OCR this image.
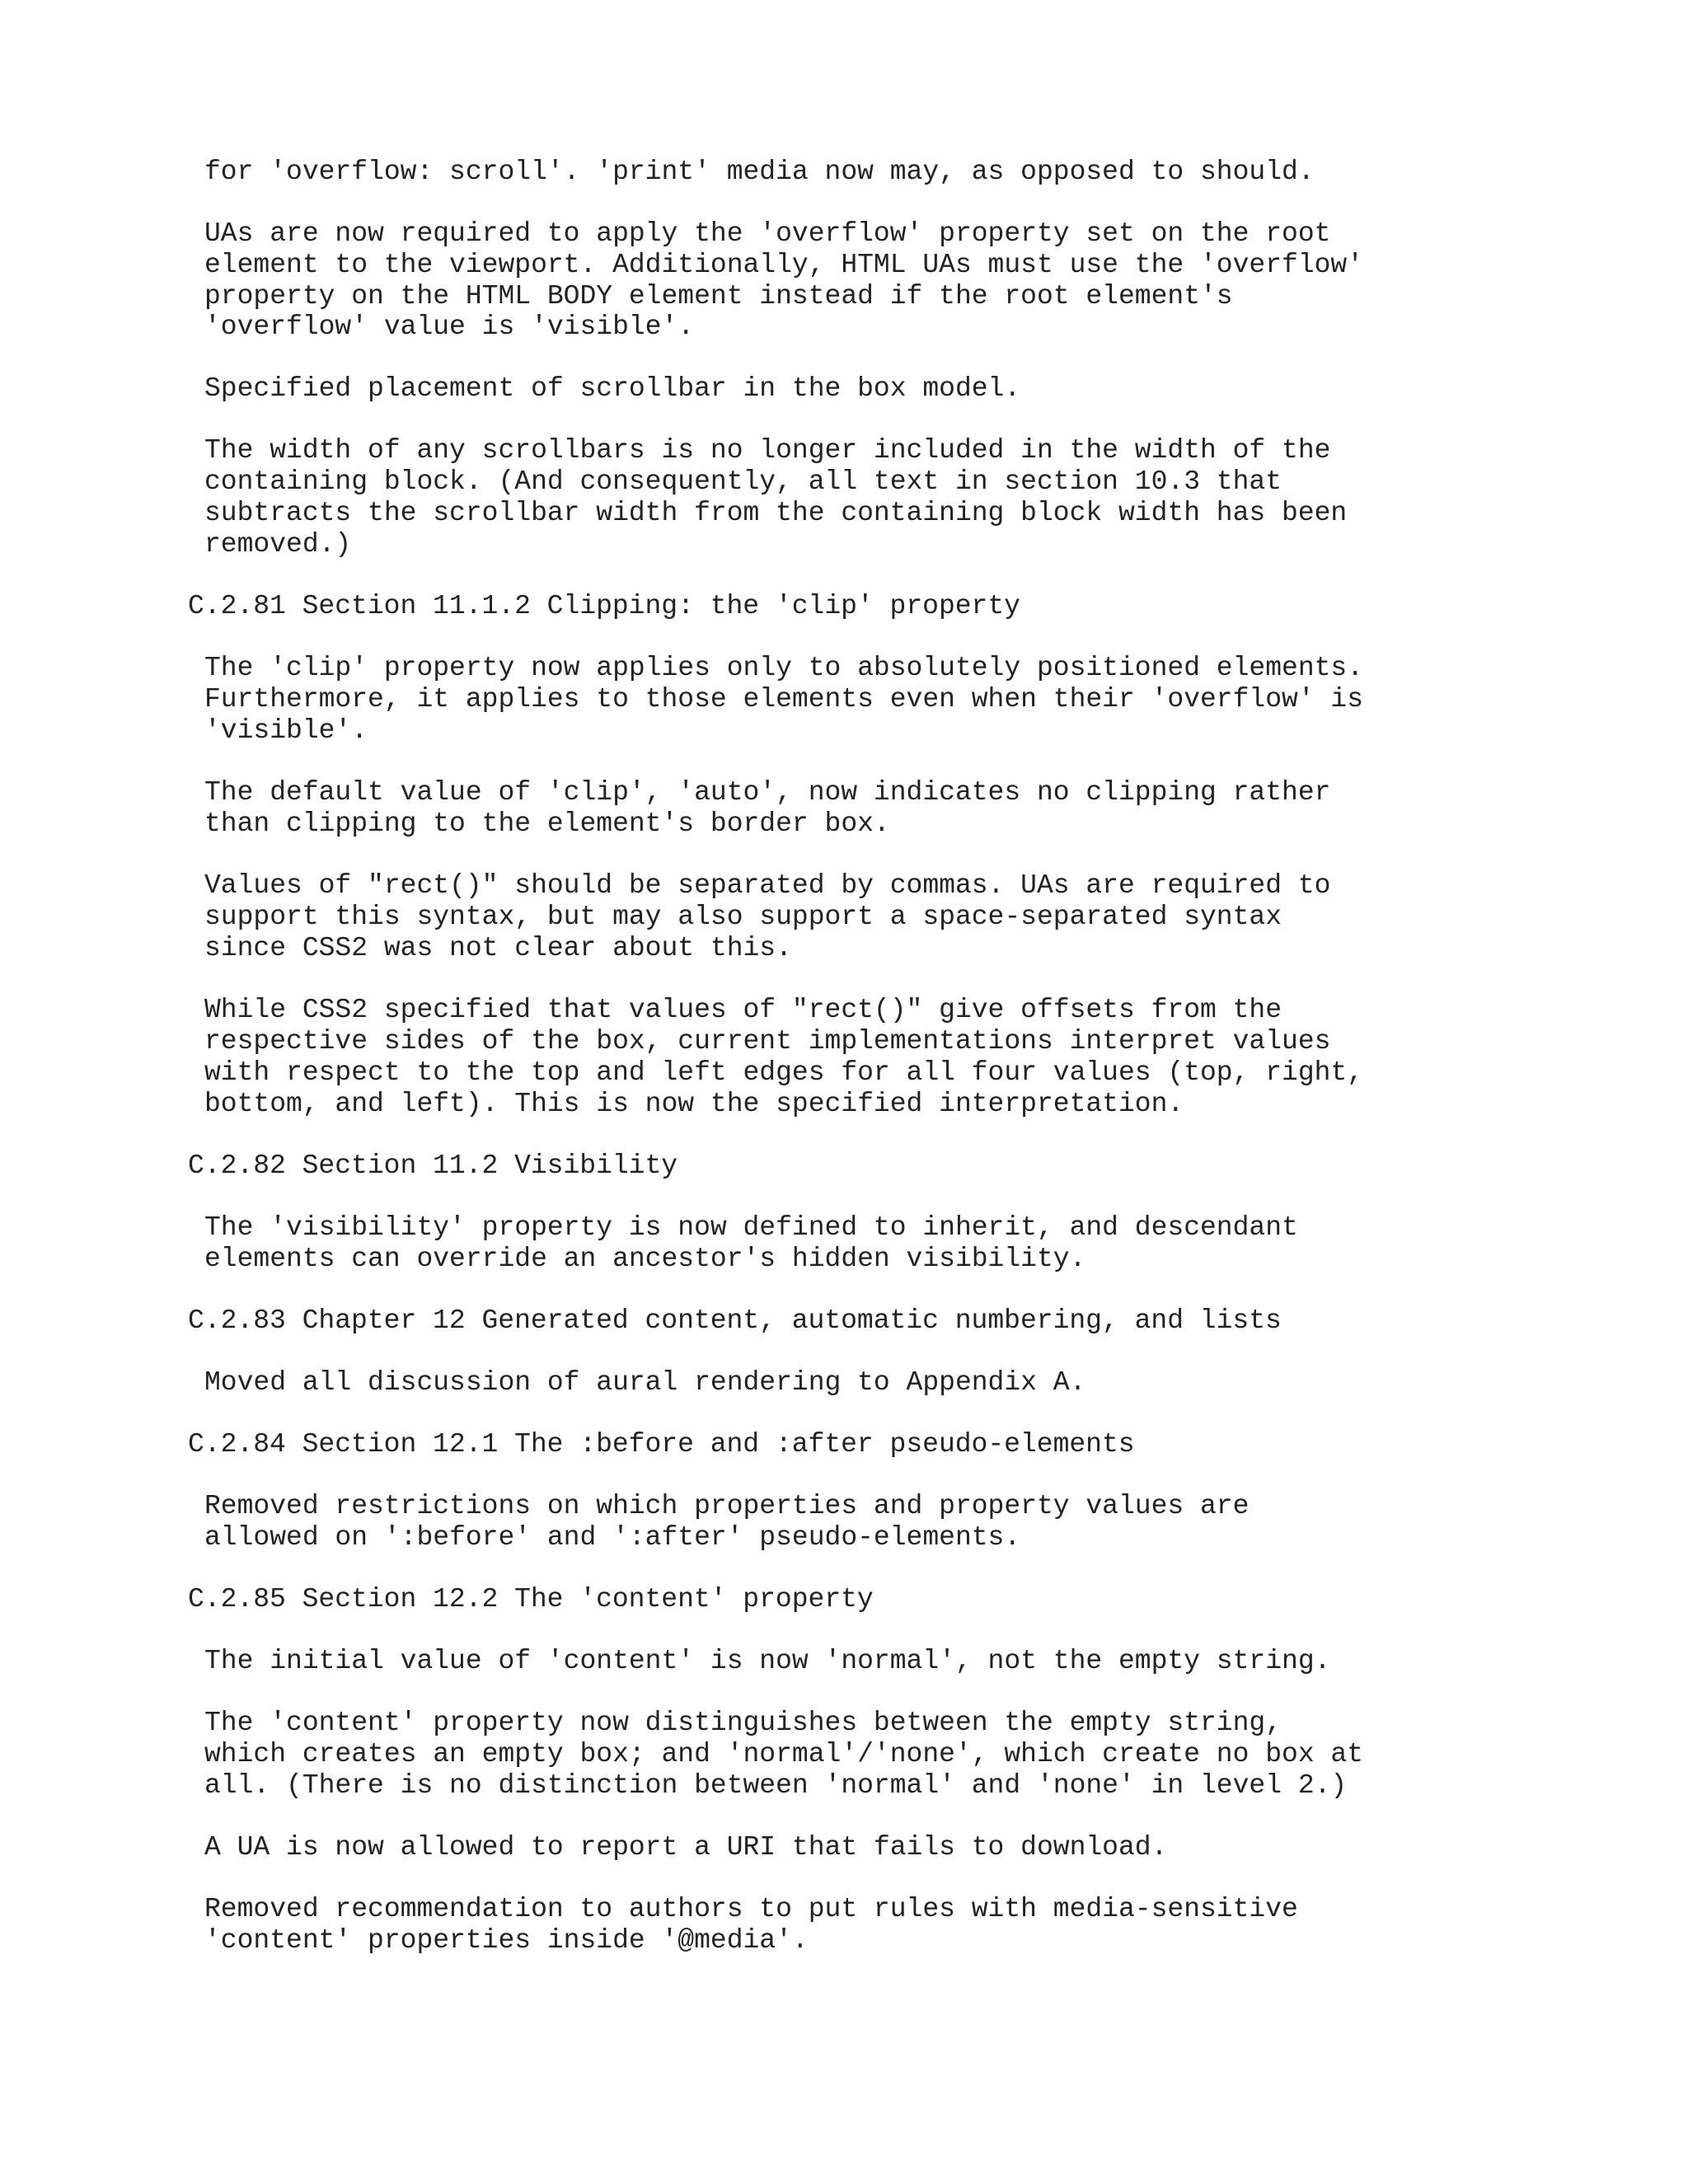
for 'overflow: scroll'. 'print' media now may, as opposed to should.
UAs are now required to apply the 'overflow' property set on the root
element to the viewport. Additionally, HTML UAs must use the 'overflow'
property on the HTML BODY element instead if the root element's
'overflow' value is 'visible'.
Specified placement of scrollbar in the box model.
The width of any scrollbars is no longer included in the width of the
containing block. (And consequently, all text in section 10.3 that
subtracts the scrollbar width from the containing block width has been
removed.)
C.2.81 Section 11.1.2 Clipping: the 'clip' property
The 'clip' property now applies only to absolutely positioned elements.
Furthermore, it applies to those elements even when their 'overflow' is
'visible'.
The default value of 'clip', 'auto', now indicates no clipping rather
than clipping to the element's border box.
Values of "rect()" should be separated by commas. UAs are required to
support this syntax, but may also support a space-separated syntax
since CSS2 was not clear about this.
While CSS2 specified that values of "rect()" give offsets from the
respective sides of the box, current implementations interpret values
with respect to the top and left edges for all four values (top, right,
bottom, and left). This is now the specified interpretation.
C.2.82 Section 11.2 Visibility
The 'visibility' property is now defined to inherit, and descendant
elements can override an ancestor's hidden visibility.
C.2.83 Chapter 12 Generated content, automatic numbering, and lists
Moved all discussion of aural rendering to Appendix A.
C.2.84 Section 12.1 The :before and :after pseudo-elements
Removed restrictions on which properties and property values are
allowed on ':before' and ':after' pseudo-elements.
C.2.85 Section 12.2 The 'content' property
The initial value of 'content' is now 'normal', not the empty string.
The 'content' property now distinguishes between the empty string,
which creates an empty box; and 'normal'/'none', which create no box at
all. (There is no distinction between 'normal' and 'none' in level 2.)
A UA is now allowed to report a URI that fails to download.
Removed recommendation to authors to put rules with media-sensitive
'content' properties inside '@media'.
